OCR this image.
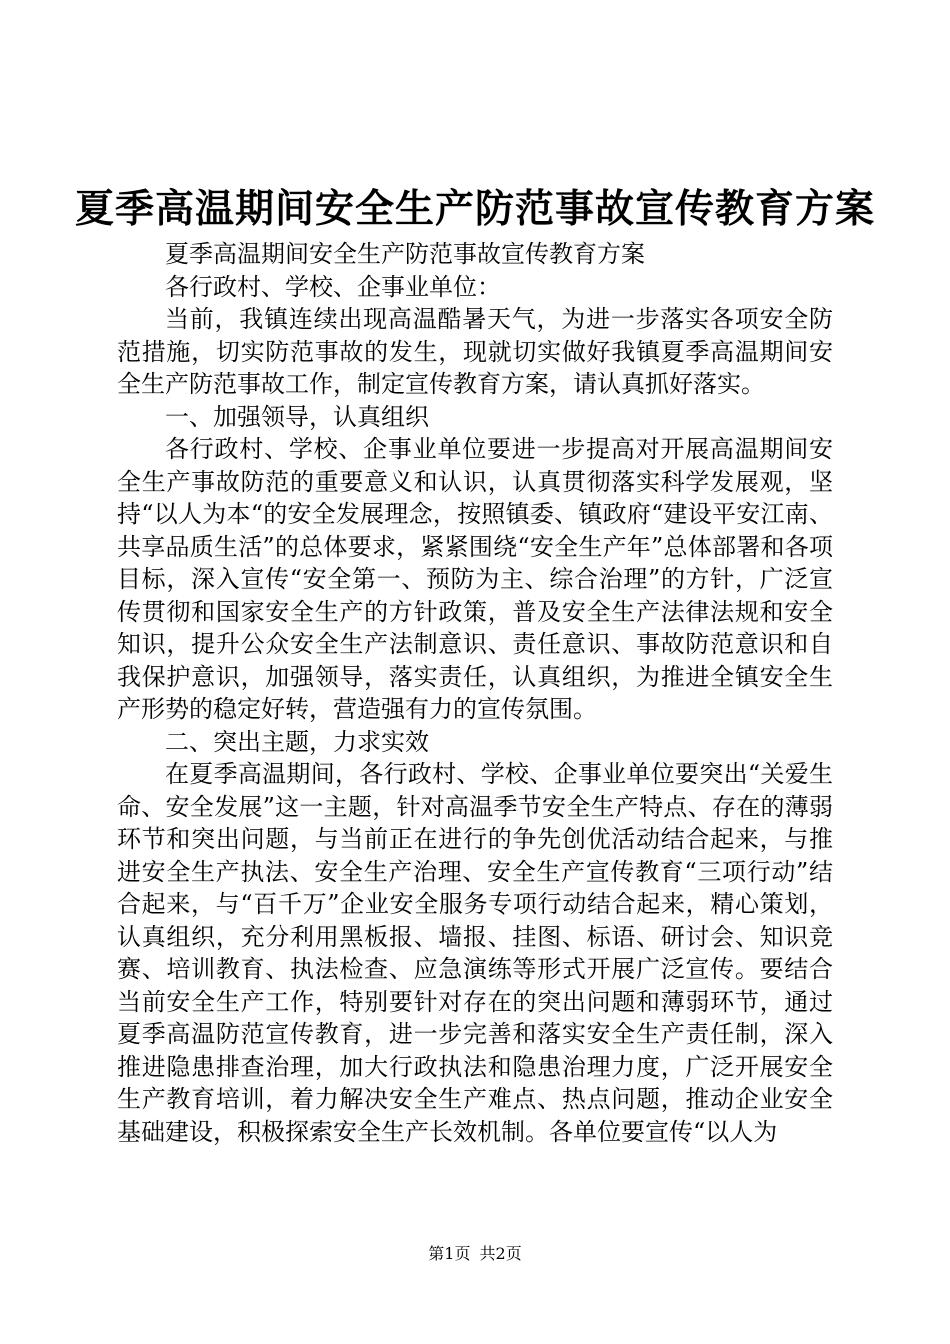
夏季高温期间安全生产防范事故宣传教育方案

夏季高温期间安全生产防范事故宣传教育方案

各行政村、学校、企事业单位：

当前，我镇连续出现高温酷暑天气，为进一步落实各项安全防范措施，切实防范事故的发生，现就切实做好我镇夏季高温期间安全生产防范事故工作，制定宣传教育方案，请认真抓好落实。

一、加强领导，认真组织

各行政村、学校、企事业单位要进一步提高对开展高温期间安全生产事故防范的重要意义和认识，认真贯彻落实科学发展观，坚持“以人为本“的安全发展理念，按照镇委、镇政府“建设平安江南、共享品质生活”的总体要求，紧紧围绕“安全生产年”总体部署和各项目标，深入宣传“安全第一、预防为主、综合治理”的方针，广泛宣传贯彻和国家安全生产的方针政策，普及安全生产法律法规和安全知识，提升公众安全生产法制意识、责任意识、事故防范意识和自我保护意识，加强领导，落实责任，认真组织，为推进全镇安全生产形势的稳定好转，营造强有力的宣传氛围。

二、突出主题，力求实效

在夏季高温期间，各行政村、学校、企事业单位要突出“关爱生命、安全发展”这一主题，针对高温季节安全生产特点、存在的薄弱环节和突出问题，与当前正在进行的争先创优活动结合起来，与推进安全生产执法、安全生产治理、安全生产宣传教育“三项行动”结合起来，与“百千万”企业安全服务专项行动结合起来，精心策划，认真组织，充分利用黑板报、墙报、挂图、标语、研讨会、知识竞赛、培训教育、执法检查、应急演练等形式开展广泛宣传。要结合当前安全生产工作，特别要针对存在的突出问题和薄弱环节，通过夏季高温防范宣传教育，进一步完善和落实安全生产责任制，深入推进隐患排查治理，加大行政执法和隐患治理力度，广泛开展安全生产教育培训，着力解决安全生产难点、热点问题，推动企业安全基础建设，积极探索安全生产长效机制。各单位要宣传“以人为

第1页 共2页
